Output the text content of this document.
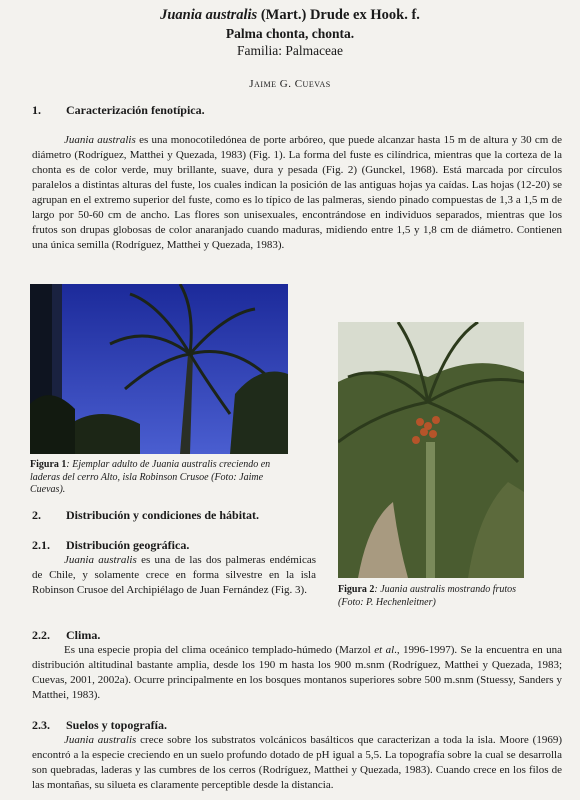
Juania australis (Mart.) Drude ex Hook. f.
Palma chonta, chonta.
Familia: Palmaceae
Jaime G. Cuevas
1. Caracterización fenotípica.
Juania australis es una monocotiledónea de porte arbóreo, que puede alcanzar hasta 15 m de altura y 30 cm de diámetro (Rodríguez, Matthei y Quezada, 1983) (Fig. 1). La forma del fuste es cilíndrica, mientras que la corteza de la chonta es de color verde, muy brillante, suave, dura y pesada (Fig. 2) (Gunckel, 1968). Está marcada por círculos paralelos a distintas alturas del fuste, los cuales indican la posición de las antiguas hojas ya caídas. Las hojas (12-20) se agrupan en el extremo superior del fuste, como es lo típico de las palmeras, siendo pinado compuestas de 1,3 a 1,5 m de largo por 50-60 cm de ancho. Las flores son unisexuales, encontrándose en individuos separados, mientras que los frutos son drupas globosas de color anaranjado cuando maduras, midiendo entre 1,5 y 1,8 cm de diámetro. Contienen una única semilla (Rodríguez, Matthei y Quezada, 1983).
Figura 1: Ejemplar adulto de Juania australis creciendo en laderas del cerro Alto, isla Robinson Crusoe (Foto: Jaime Cuevas).
Figura 2: Juania australis mostrando frutos (Foto: P. Hechenleitner)
2. Distribución y condiciones de hábitat.
2.1. Distribución geográfica.
Juania australis es una de las dos palmeras endémicas de Chile, y solamente crece en forma silvestre en la isla Robinson Crusoe del Archipiélago de Juan Fernández (Fig. 3).
2.2. Clima.
Es una especie propia del clima oceánico templado-húmedo (Marzol et al., 1996-1997). Se la encuentra en una distribución altitudinal bastante amplia, desde los 190 m hasta los 900 m.snm (Rodríguez, Matthei y Quezada, 1983; Cuevas, 2001, 2002a). Ocurre principalmente en los bosques montanos superiores sobre 500 m.snm (Stuessy, Sanders y Matthei, 1983).
2.3. Suelos y topografía.
Juania australis crece sobre los substratos volcánicos basálticos que caracterizan a toda la isla. Moore (1969) encontró a la especie creciendo en un suelo profundo dotado de pH igual a 5,5. La topografía sobre la cual se desarrolla son quebradas, laderas y las cumbres de los cerros (Rodríguez, Matthei y Quezada, 1983). Cuando crece en los filos de las montañas, su silueta es claramente perceptible desde la distancia.
